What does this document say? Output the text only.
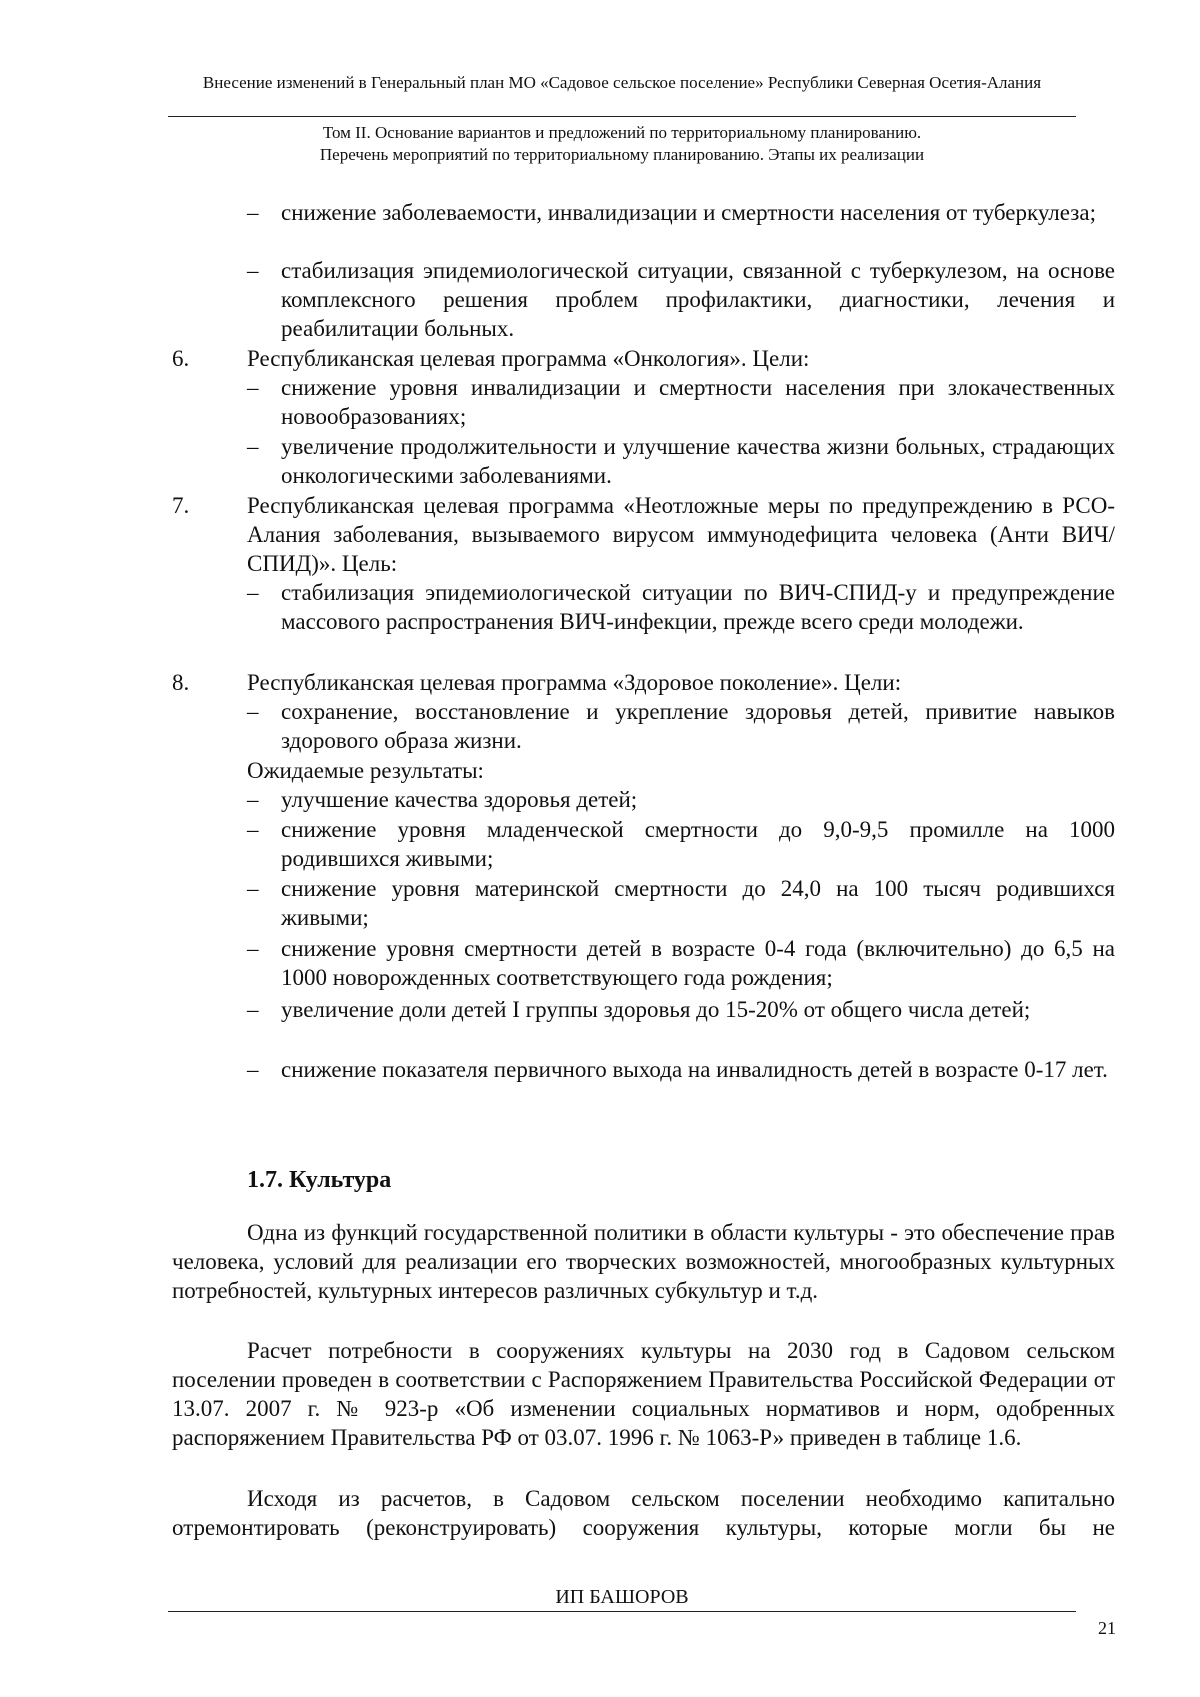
Внесение изменений в Генеральный план МО «Садовое сельское поселение» Республики Северная Осетия-Алания
Том II. Основание вариантов и предложений по территориальному планированию.
Перечень мероприятий по территориальному планированию. Этапы их реализации
– снижение заболеваемости, инвалидизации и смертности населения от туберкулеза;
– стабилизация эпидемиологической ситуации, связанной с туберкулезом, на основе комплексного решения проблем профилактики, диагностики, лечения и реабилитации больных.
6.	Республиканская целевая программа «Онкология». Цели:
– снижение уровня инвалидизации и смертности населения при злокачественных новообразованиях;
– увеличение продолжительности и улучшение качества жизни больных, страдающих онкологическими заболеваниями.
7.	Республиканская целевая программа «Неотложные меры по предупреждению в РСО-Алания заболевания, вызываемого вирусом иммунодефицита человека (Анти ВИЧ/СПИД)». Цель:
– стабилизация эпидемиологической ситуации по ВИЧ-СПИД-у и предупреждение массового распространения ВИЧ-инфекции, прежде всего среди молодежи.
8.	Республиканская целевая программа «Здоровое поколение». Цели:
– сохранение, восстановление и укрепление здоровья детей, привитие навыков здорового образа жизни.
Ожидаемые результаты:
– улучшение качества здоровья детей;
– снижение уровня младенческой смертности до 9,0-9,5 промилле на 1000 родившихся живыми;
– снижение уровня материнской смертности до 24,0 на 100 тысяч родившихся живыми;
– снижение уровня смертности детей в возрасте 0-4 года (включительно) до 6,5 на 1000 новорожденных соответствующего года рождения;
– увеличение доли детей I группы здоровья до 15-20% от общего числа детей;
– снижение показателя первичного выхода на инвалидность детей в возрасте 0-17 лет.
1.7. Культура
Одна из функций государственной политики в области культуры - это обеспечение прав человека, условий для реализации его творческих возможностей, многообразных культурных потребностей, культурных интересов различных субкультур и т.д.
Расчет потребности в сооружениях культуры на 2030 год в Садовом сельском поселении проведен в соответствии с Распоряжением Правительства Российской Федерации от 13.07. 2007 г. № 923-р «Об изменении социальных нормативов и норм, одобренных распоряжением Правительства РФ от 03.07. 1996 г. № 1063-Р» приведен в таблице 1.6.
Исходя из расчетов, в Садовом сельском поселении необходимо капитально отремонтировать (реконструировать) сооружения культуры, которые могли бы не
ИП БАШОРОВ
21
